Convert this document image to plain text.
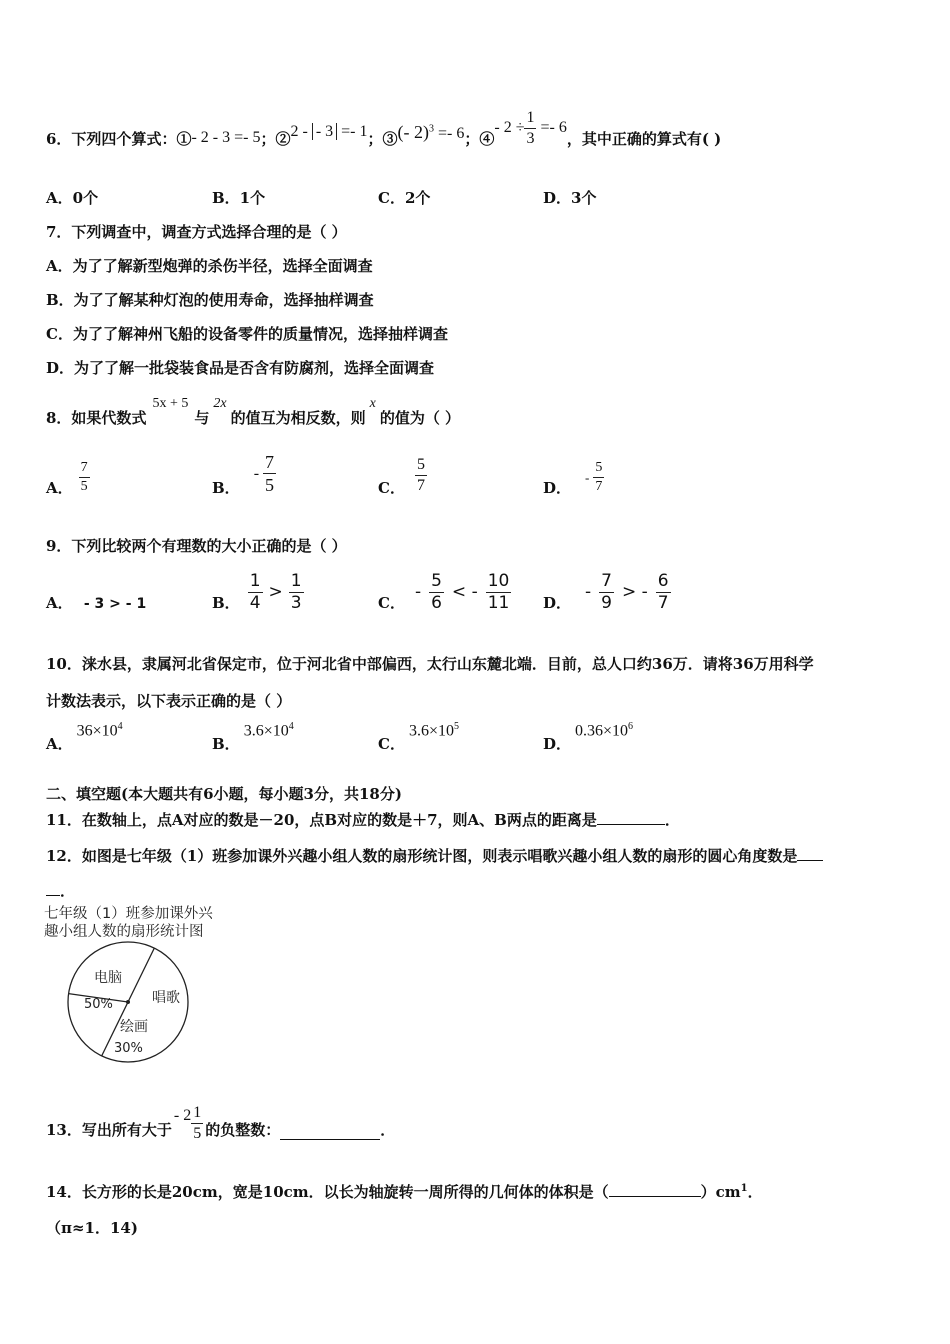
6．下列四个算式：① - 2 - 3 =- 5 ；② 2 - - 3 =- 1 ；③ (- 2)$^3$ =- 6 ；④
- $2 \div \frac{1}{3} =- 6$
，其中正确的算式有( )
A．0个	B．1个	C．2个	D．3个
7．下列调查中，调查方式选择合理的是（ ）
A．为了了解新型炮弹的杀伤半径，选择全面调查
B．为了了解某种灯泡的使用寿命，选择抽样调查
C．为了了解神州飞船的设备零件的质量情况，选择抽样调查
D．为了了解一批袋装食品是否含有防腐剂，选择全面调查
8．如果代数式
5x + 5
与
2x
的值互为相反数，则
x
的值为（ ）
A． $\frac{7}{5}$	B．
- $\frac{7}{5}$	C． $\frac{5}{7}$	D．
- $\frac{5}{7}$
9．下列比较两个有理数的大小正确的是（ ）
A． - 3 > - 1	B． $\frac{1}{4} > \frac{1}{3}$	C．
- $\frac{5}{6}$ < - $\frac{10}{11}$ D．
- $\frac{7}{9}$ > - $\frac{6}{7}$
10．涞水县，隶属河北省保定市，位于河北省中部偏西，太行山东麓北端．目前，总人口约36万．请将36万用科学
计数法表示，以下表示正确的是（ ）
A．
$36\times 10^4$
B．
$3.6\times 10^4$
C．
$3.6\times 10^5$
D．
$0.36\times 10^6$
二、填空题(本大题共有6小题，每小题3分，共18分)
11．在数轴上，点A对应的数是－20，点B对应的数是＋7，则A、B两点的距离是	．
12．如图是七年级（1）班参加课外兴趣小组人数的扇形统计图，则表示唱歌兴趣小组人数的扇形的圆心角度数是
．
七年级（1）班参加课外兴
趣小组人数的扇形统计图
电脑
50%	唱歌
绘画
30%
13．写出所有大于
- $2 \frac{1}{5}$ 的负整数：	．
14．长方形的长是20cm，宽是10cm．以长为轴旋转一周所得的几何体的体积是（	）$cm^1$．
（π≈1．14)
